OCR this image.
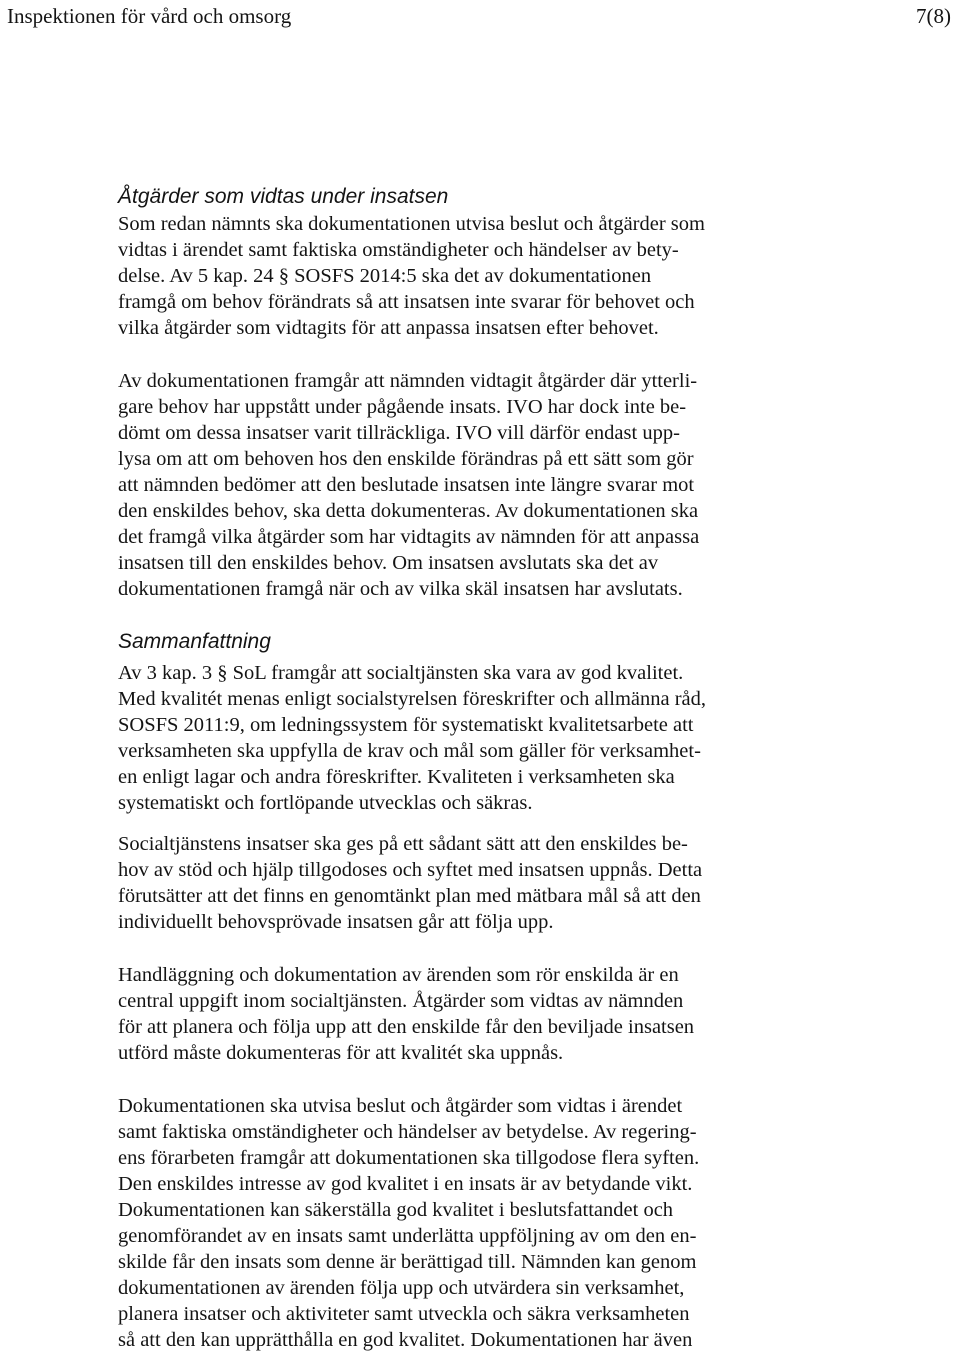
Inspektionen för vård och omsorg	7(8)
Åtgärder som vidtas under insatsen
Som redan nämnts ska dokumentationen utvisa beslut och åtgärder som
vidtas i ärendet samt faktiska omständigheter och händelser av bety-
delse. Av 5 kap. 24 § SOSFS 2014:5 ska det av dokumentationen
framgå om behov förändrats så att insatsen inte svarar för behovet och
vilka åtgärder som vidtagits för att anpassa insatsen efter behovet.
Av dokumentationen framgår att nämnden vidtagit åtgärder där ytterli-
gare behov har uppstått under pågående insats. IVO har dock inte be-
dömt om dessa insatser varit tillräckliga. IVO vill därför endast upp-
lysa om att om behoven hos den enskilde förändras på ett sätt som gör
att nämnden bedömer att den beslutade insatsen inte längre svarar mot
den enskildes behov, ska detta dokumenteras. Av dokumentationen ska
det framgå vilka åtgärder som har vidtagits av nämnden för att anpassa
insatsen till den enskildes behov. Om insatsen avslutats ska det av
dokumentationen framgå när och av vilka skäl insatsen har avslutats.
Sammanfattning
Av 3 kap. 3 § SoL framgår att socialtjänsten ska vara av god kvalitet.
Med kvalitét menas enligt socialstyrelsen föreskrifter och allmänna råd,
SOSFS 2011:9, om ledningssystem för systematiskt kvalitetsarbete att
verksamheten ska uppfylla de krav och mål som gäller för verksamhet-
en enligt lagar och andra föreskrifter. Kvaliteten i verksamheten ska
systematiskt och fortlöpande utvecklas och säkras.
Socialtjänstens insatser ska ges på ett sådant sätt att den enskildes be-
hov av stöd och hjälp tillgodoses och syftet med insatsen uppnås. Detta
förutsätter att det finns en genomtänkt plan med mätbara mål så att den
individuellt behovsprövade insatsen går att följa upp.
Handläggning och dokumentation av ärenden som rör enskilda är en
central uppgift inom socialtjänsten. Åtgärder som vidtas av nämnden
för att planera och följa upp att den enskilde får den beviljade insatsen
utförd måste dokumenteras för att kvalitét ska uppnås.
Dokumentationen ska utvisa beslut och åtgärder som vidtas i ärendet
samt faktiska omständigheter och händelser av betydelse. Av regering-
ens förarbeten framgår att dokumentationen ska tillgodose flera syften.
Den enskildes intresse av god kvalitet i en insats är av betydande vikt.
Dokumentationen kan säkerställa god kvalitet i beslutsfattandet och
genomförandet av en insats samt underlätta uppföljning av om den en-
skilde får den insats som denne är berättigad till. Nämnden kan genom
dokumentationen av ärenden följa upp och utvärdera sin verksamhet,
planera insatser och aktiviteter samt utveckla och säkra verksamheten
så att den kan upprätthålla en god kvalitet. Dokumentationen har även
